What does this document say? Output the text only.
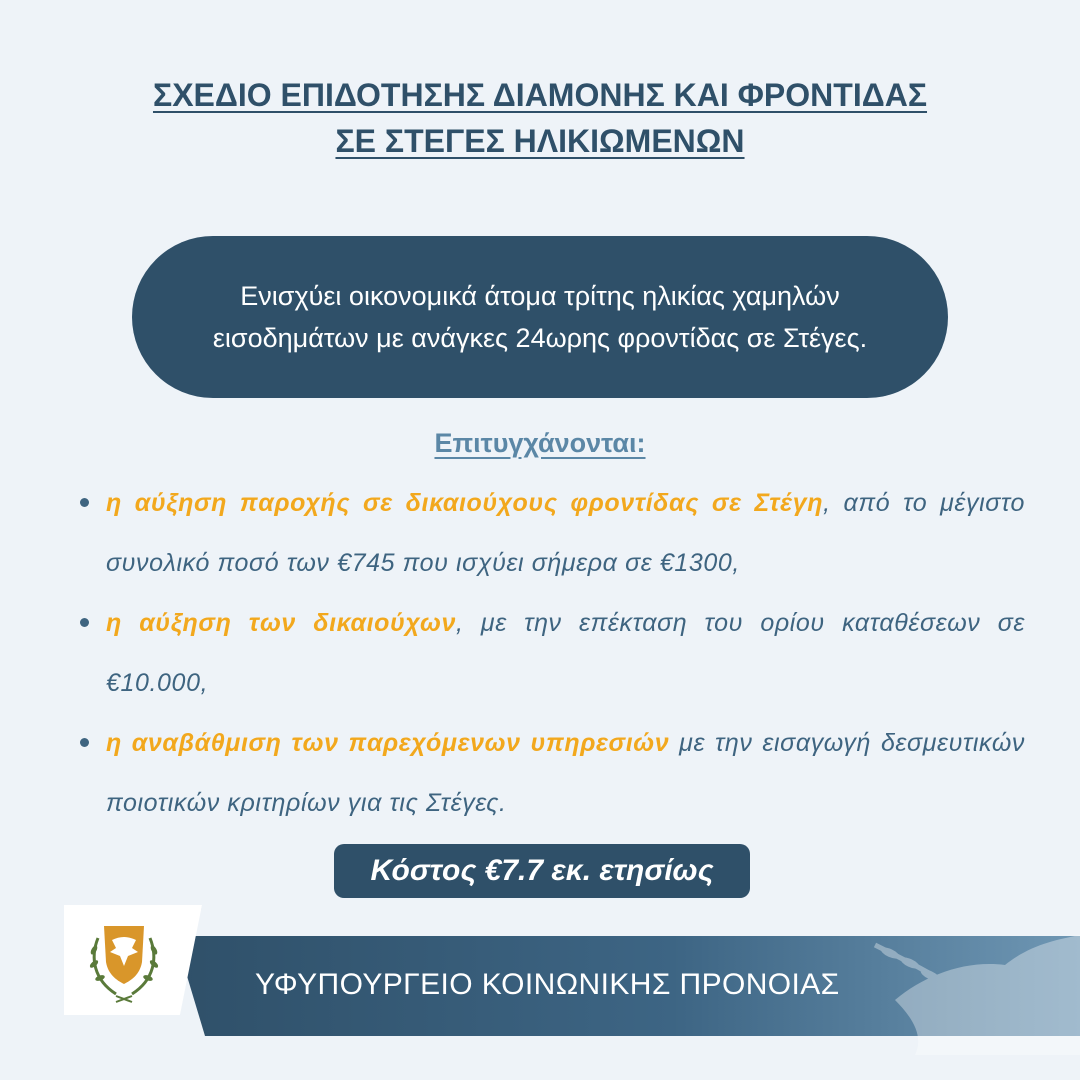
ΣΧΕΔΙΟ ΕΠΙΔΟΤΗΣΗΣ ΔΙΑΜΟΝΗΣ ΚΑΙ ΦΡΟΝΤΙΔΑΣ
ΣΕ ΣΤΕΓΕΣ ΗΛΙΚΙΩΜΕΝΩΝ
Ενισχύει οικονομικά άτομα τρίτης ηλικίας χαμηλών
εισοδημάτων με ανάγκες 24ωρης φροντίδας σε Στέγες.
Επιτυγχάνονται:
η αύξηση παροχής σε δικαιούχους φροντίδας σε Στέγη, από το μέγιστο συνολικό ποσό των €745 που ισχύει σήμερα σε €1300,
η αύξηση των δικαιούχων, με την επέκταση του ορίου καταθέσεων σε €10.000,
η αναβάθμιση των παρεχόμενων υπηρεσιών με την εισαγωγή δεσμευτικών ποιοτικών κριτηρίων για τις Στέγες.
Κόστος €7.7 εκ. ετησίως
ΥΦΥΠΟΥΡΓΕΙΟ ΚΟΙΝΩΝΙΚΗΣ ΠΡΟΝΟΙΑΣ
